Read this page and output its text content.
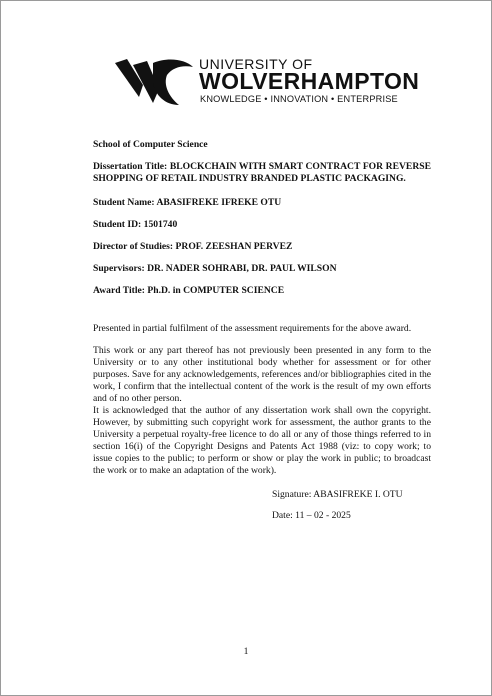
UNIVERSITY OF
WOLVERHAMPTON
KNOWLEDGE • INNOVATION • ENTERPRISE

School of Computer Science

Dissertation Title: BLOCKCHAIN WITH SMART CONTRACT FOR REVERSE SHOPPING OF RETAIL INDUSTRY BRANDED PLASTIC PACKAGING.

Student Name: ABASIFREKE IFREKE OTU

Student ID: 1501740

Director of Studies: PROF. ZEESHAN PERVEZ

Supervisors: DR. NADER SOHRABI, DR. PAUL WILSON

Award Title: Ph.D. in COMPUTER SCIENCE

Presented in partial fulfilment of the assessment requirements for the above award.

This work or any part thereof has not previously been presented in any form to the University or to any other institutional body whether for assessment or for other purposes. Save for any acknowledgements, references and/or bibliographies cited in the work, I confirm that the intellectual content of the work is the result of my own efforts and of no other person.

It is acknowledged that the author of any dissertation work shall own the copyright. However, by submitting such copyright work for assessment, the author grants to the University a perpetual royalty-free licence to do all or any of those things referred to in section 16(i) of the Copyright Designs and Patents Act 1988 (viz: to copy work; to issue copies to the public; to perform or show or play the work in public; to broadcast the work or to make an adaptation of the work).

Signature: ABASIFREKE I. OTU
Date: 11 – 02 - 2025
1
